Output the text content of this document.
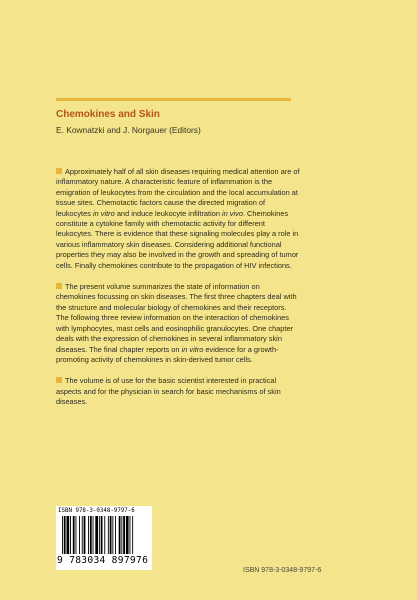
Chemokines and Skin
E. Kownatzki and J. Norgauer (Editors)

Approximately half of all skin diseases requiring medical attention are of inflammatory nature. A characteristic feature of inflammation is the emigration of leukocytes from the circulation and the local accumulation at tissue sites. Chemotactic factors cause the directed migration of leukocytes in vitro and induce leukocyte infiltration in vivo. Chemokines constitute a cytokine family with chemotactic activity for different leukocytes. There is evidence that these signaling molecules play a role in various inflammatory skin diseases. Considering additional functional properties they may also be involved in the growth and spreading of tumor cells. Finally chemokines contribute to the propagation of HIV infections.

The present volume summarizes the state of information on chemokines focussing on skin diseases. The first three chapters deal with the structure and molecular biology of chemokines and their receptors. The following three review information on the interaction of chemokines with lymphocytes, mast cells and eosinophilic granulocytes. One chapter deals with the expression of chemokines in several inflammatory skin diseases. The final chapter reports on in vitro evidence for a growth-promoting activity of chemokines in skin-derived tumor cells.

The volume is of use for the basic scientist interested in practical aspects and for the physician in search for basic mechanisms of skin diseases.

ISBN 978-3-0348-9797-6
9 783034 897976
ISBN 978-3-0348-9797-6
